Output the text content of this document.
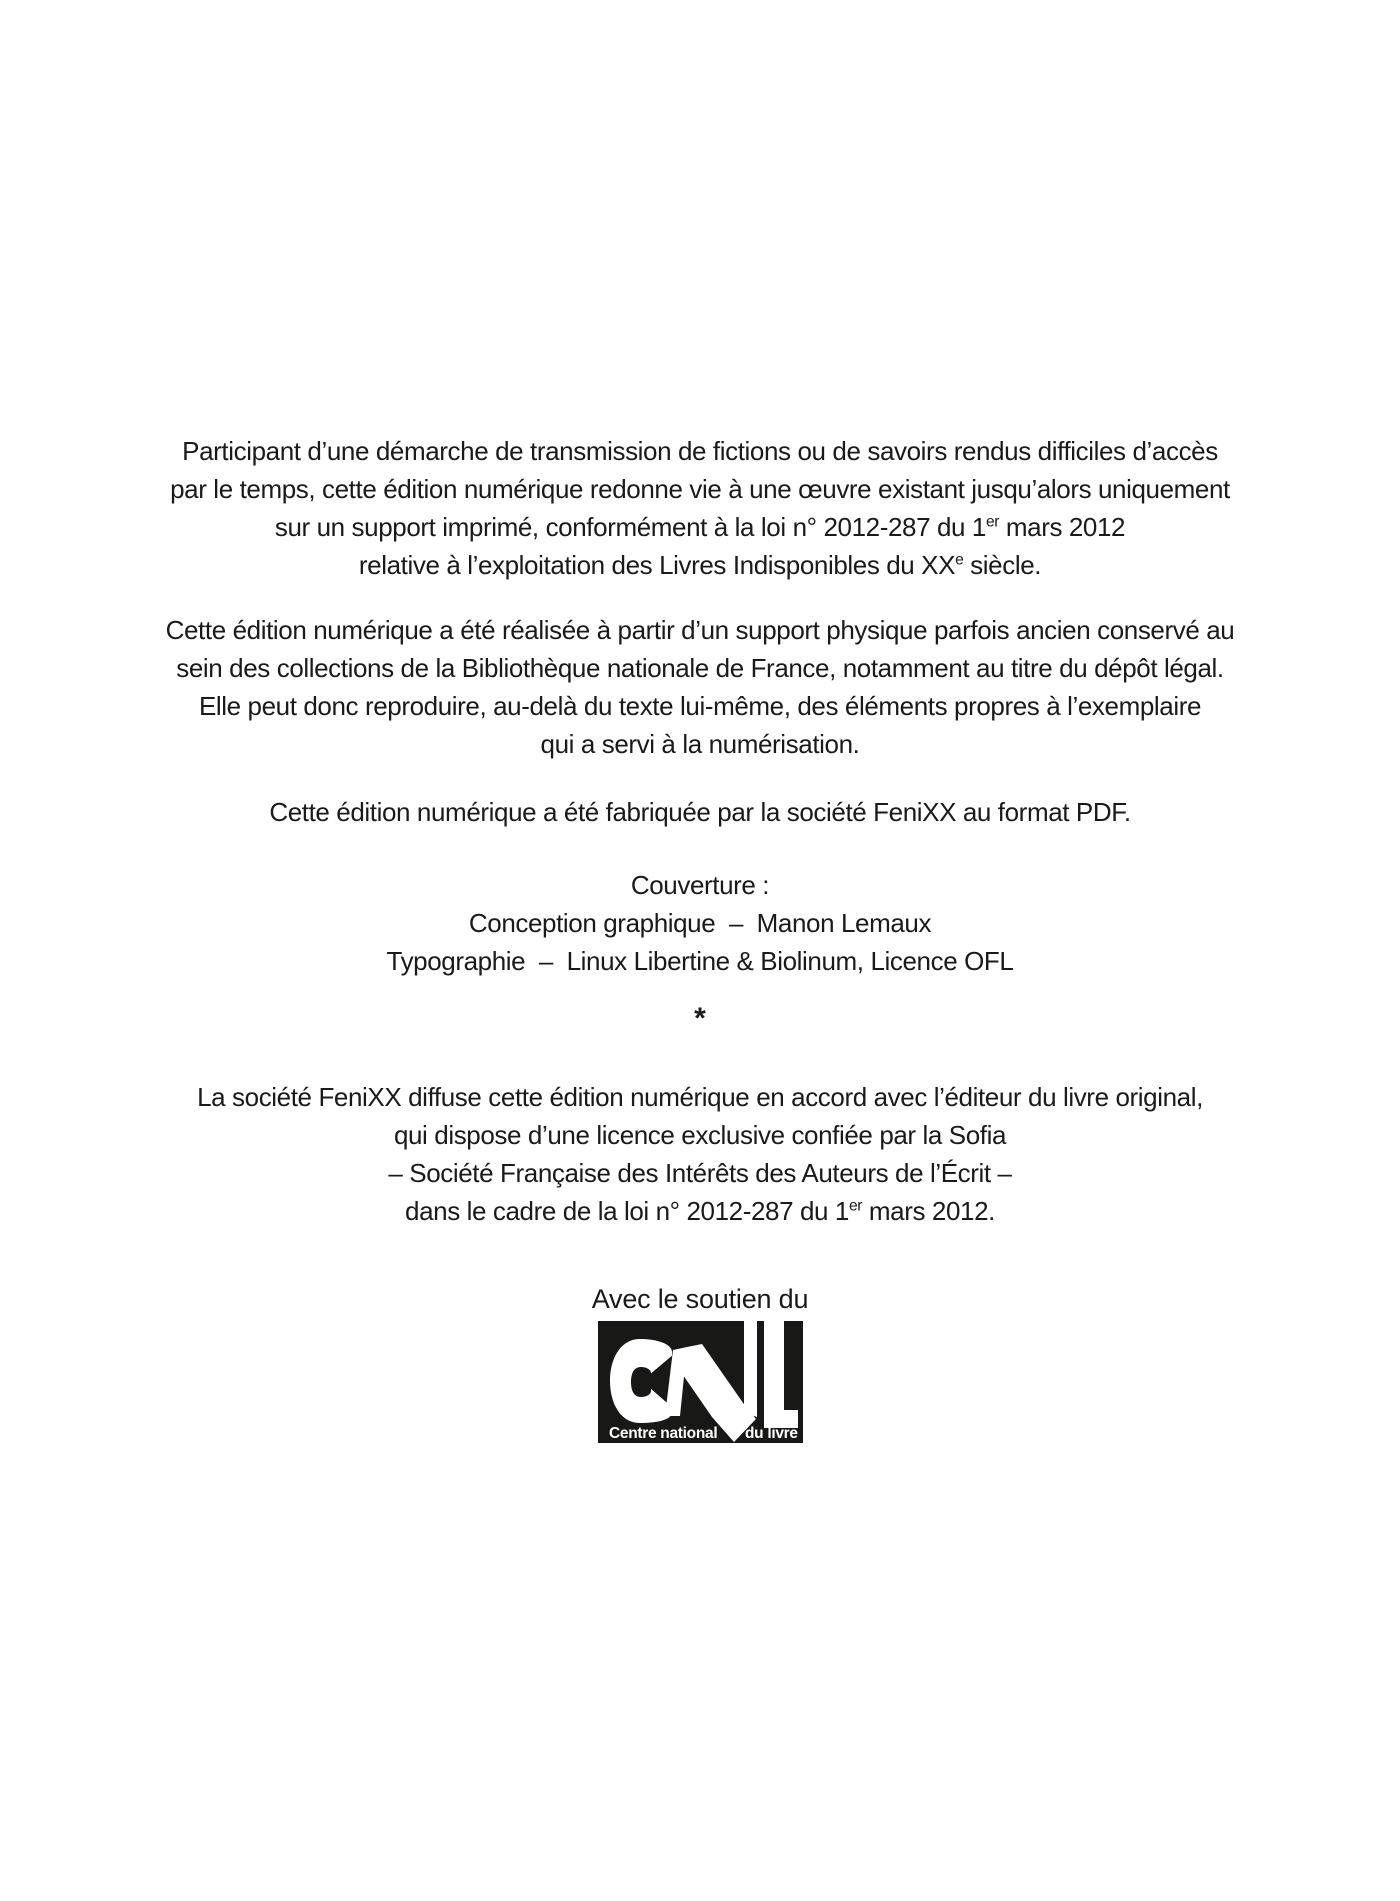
Participant d’une démarche de transmission de fictions ou de savoirs rendus difficiles d’accès
par le temps, cette édition numérique redonne vie à une œuvre existant jusqu’alors uniquement
sur un support imprimé, conformément à la loi n° 2012-287 du 1er mars 2012
relative à l’exploitation des Livres Indisponibles du XXe siècle.
Cette édition numérique a été réalisée à partir d’un support physique parfois ancien conservé au
sein des collections de la Bibliothèque nationale de France, notamment au titre du dépôt légal.
Elle peut donc reproduire, au-delà du texte lui-même, des éléments propres à l’exemplaire
qui a servi à la numérisation.
Cette édition numérique a été fabriquée par la société FeniXX au format PDF.
Couverture :
Conception graphique  –  Manon Lemaux
Typographie  –  Linux Libertine & Biolinum, Licence OFL
*
La société FeniXX diffuse cette édition numérique en accord avec l’éditeur du livre original,
qui dispose d’une licence exclusive confiée par la Sofia
– Société Française des Intérêts des Auteurs de l’Écrit –
dans le cadre de la loi n° 2012-287 du 1er mars 2012.
Avec le soutien du
Centre national du livre
